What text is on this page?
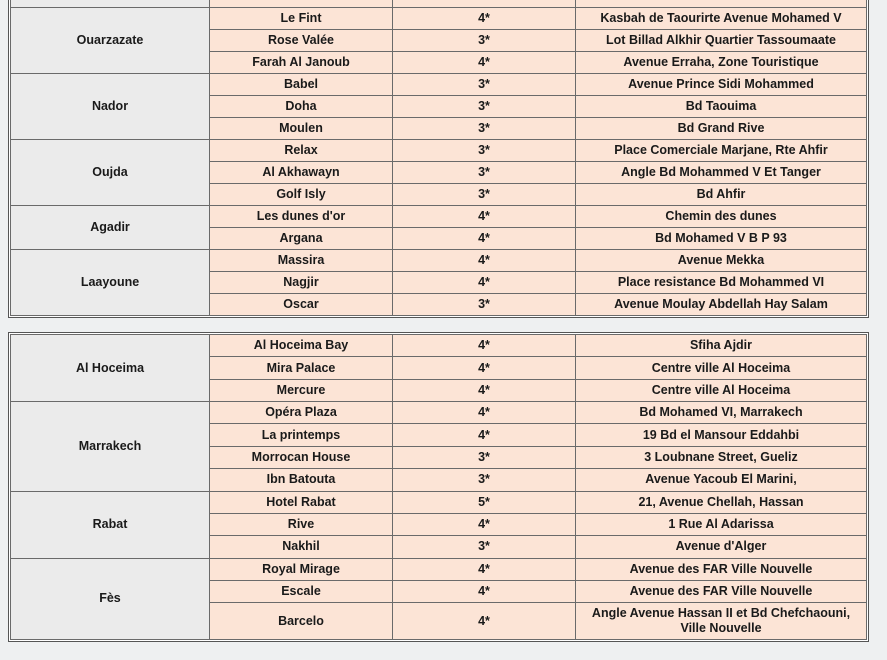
Ouarzazate	Le Fint	4*	Kasbah de Taourirte Avenue Mohamed V
	Rose Valée	3*	Lot Billad Alkhir Quartier Tassoumaate
	Farah Al Janoub	4*	Avenue Erraha, Zone Touristique
Nador	Babel	3*	Avenue Prince Sidi Mohammed
	Doha	3*	Bd Taouima
	Moulen	3*	Bd Grand Rive
Oujda	Relax	3*	Place Comerciale Marjane, Rte Ahfir
	Al Akhawayn	3*	Angle Bd Mohammed V Et Tanger
	Golf Isly	3*	Bd Ahfir
Agadir	Les dunes d'or	4*	Chemin des dunes
	Argana	4*	Bd Mohamed V B P 93
Laayoune	Massira	4*	Avenue Mekka
	Nagjir	4*	Place resistance Bd Mohammed VI
	Oscar	3*	Avenue Moulay Abdellah Hay Salam
Al Hoceima	Al Hoceima Bay	4*	Sfiha Ajdir
	Mira Palace	4*	Centre ville Al Hoceima
	Mercure	4*	Centre ville Al Hoceima
Marrakech	Opéra Plaza	4*	Bd Mohamed VI, Marrakech
	La printemps	4*	19 Bd el Mansour Eddahbi
	Morrocan House	3*	3 Loubnane Street, Gueliz
	Ibn Batouta	3*	Avenue Yacoub El Marini,
Rabat	Hotel Rabat	5*	21, Avenue Chellah, Hassan
	Rive	4*	1 Rue Al Adarissa
	Nakhil	3*	Avenue d'Alger
Fès	Royal Mirage	4*	Avenue des FAR Ville Nouvelle
	Escale	4*	Avenue des FAR Ville Nouvelle
	Barcelo	4*	Angle Avenue Hassan II et Bd Chefchaouni, Ville Nouvelle
